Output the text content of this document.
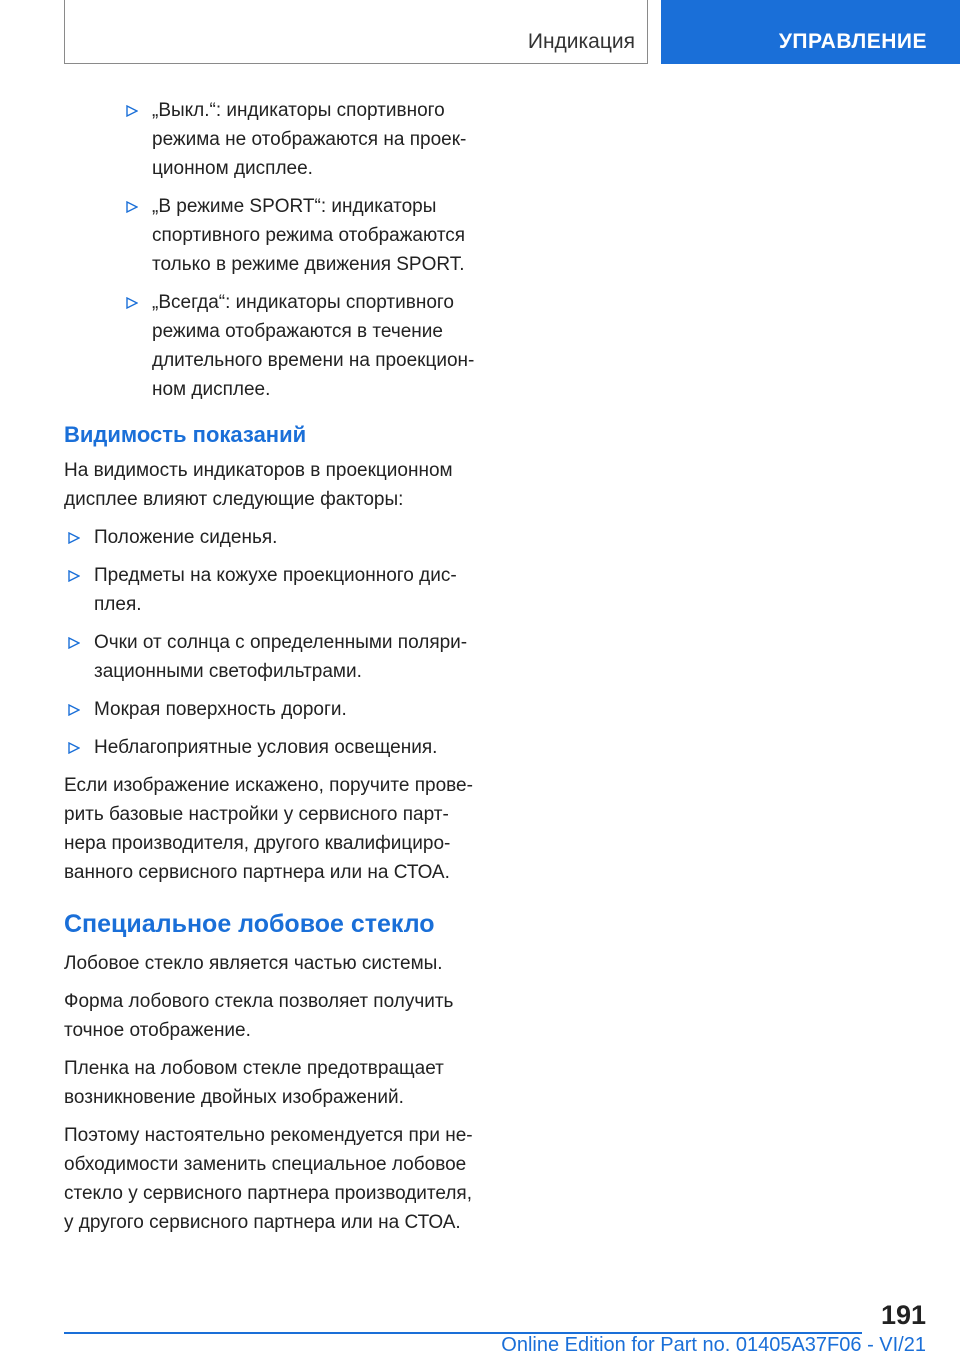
Индикация	УПРАВЛЕНИЕ
„Выкл.“: индикаторы спортивного режима не отображаются на проек-ционном дисплее.
„В режиме SPORT“: индикаторы спортивного режима отображаются только в режиме движения SPORT.
„Всегда“: индикаторы спортивного режима отображаются в течение длительного времени на проекцион-ном дисплее.
Видимость показаний

На видимость индикаторов в проекционном дисплее влияют следующие факторы:

Положение сиденья.
Предметы на кожухе проекционного дис-плея.
Очки от солнца с определенными поляри-зационными светофильтрами.
Мокрая поверхность дороги.
Неблагоприятные условия освещения.

Если изображение искажено, поручите прове-рить базовые настройки у сервисного парт-нера производителя, другого квалифициро-ванного сервисного партнера или на СТОА.

Специальное лобовое стекло

Лобовое стекло является частью системы.

Форма лобового стекла позволяет получить точное отображение.

Пленка на лобовом стекле предотвращает возникновение двойных изображений.

Поэтому настоятельно рекомендуется при не-обходимости заменить специальное лобовое стекло у сервисного партнера производителя, у другого сервисного партнера или на СТОА.

191
Online Edition for Part no. 01405A37F06 - VI/21
